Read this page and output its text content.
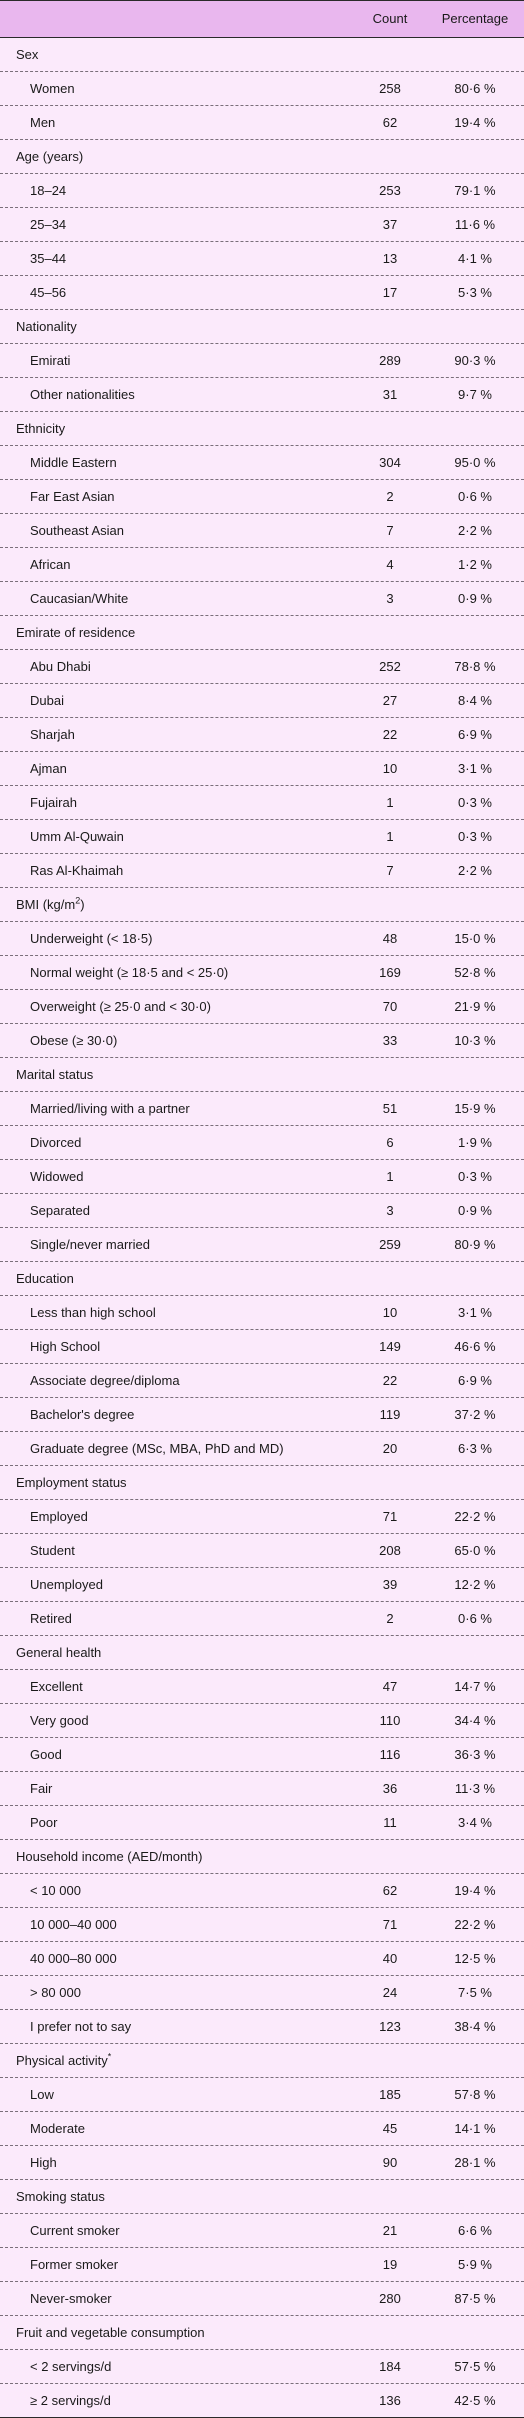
Count	Percentage
Sex
Women	258	80·6 %
Men	62	19·4 %
Age (years)
18–24	253	79·1 %
25–34	37	11·6 %
35–44	13	4·1 %
45–56	17	5·3 %
Nationality
Emirati	289	90·3 %
Other nationalities	31	9·7 %
Ethnicity
Middle Eastern	304	95·0 %
Far East Asian	2	0·6 %
Southeast Asian	7	2·2 %
African	4	1·2 %
Caucasian/White	3	0·9 %
Emirate of residence
Abu Dhabi	252	78·8 %
Dubai	27	8·4 %
Sharjah	22	6·9 %
Ajman	10	3·1 %
Fujairah	1	0·3 %
Umm Al-Quwain	1	0·3 %
Ras Al-Khaimah	7	2·2 %
BMI $(kg/m^2)$
Underweight (< 18·5)	48	15·0 %
Normal weight (≥ 18·5 and < 25·0)	169	52·8 %
Overweight (≥ 25·0 and < 30·0)	70	21·9 %
Obese (≥ 30·0)	33	10·3 %
Marital status
Married/living with a partner	51	15·9 %
Divorced	6	1·9 %
Widowed	1	0·3 %
Separated	3	0·9 %
Single/never married	259	80·9 %
Education
Less than high school	10	3·1 %
High School	149	46·6 %
Associate degree/diploma	22	6·9 %
Bachelor's degree	119	37·2 %
Graduate degree (MSc, MBA, PhD and MD)	20	6·3 %
Employment status
Employed	71	22·2 %
Student	208	65·0 %
Unemployed	39	12·2 %
Retired	2	0·6 %
General health
Excellent	47	14·7 %
Very good	110	34·4 %
Good	116	36·3 %
Fair	36	11·3 %
Poor	11	3·4 %
Household income (AED/month)
< 10 000	62	19·4 %
10 000–40 000	71	22·2 %
40 000–80 000	40	12·5 %
> 80 000	24	7·5 %
I prefer not to say	123	38·4 %
Physical activity*
Low	185	57·8 %
Moderate	45	14·1 %
High	90	28·1 %
Smoking status
Current smoker	21	6·6 %
Former smoker	19	5·9 %
Never-smoker	280	87·5 %
Fruit and vegetable consumption
< 2 servings/d	184	57·5 %
≥ 2 servings/d	136	42·5 %
